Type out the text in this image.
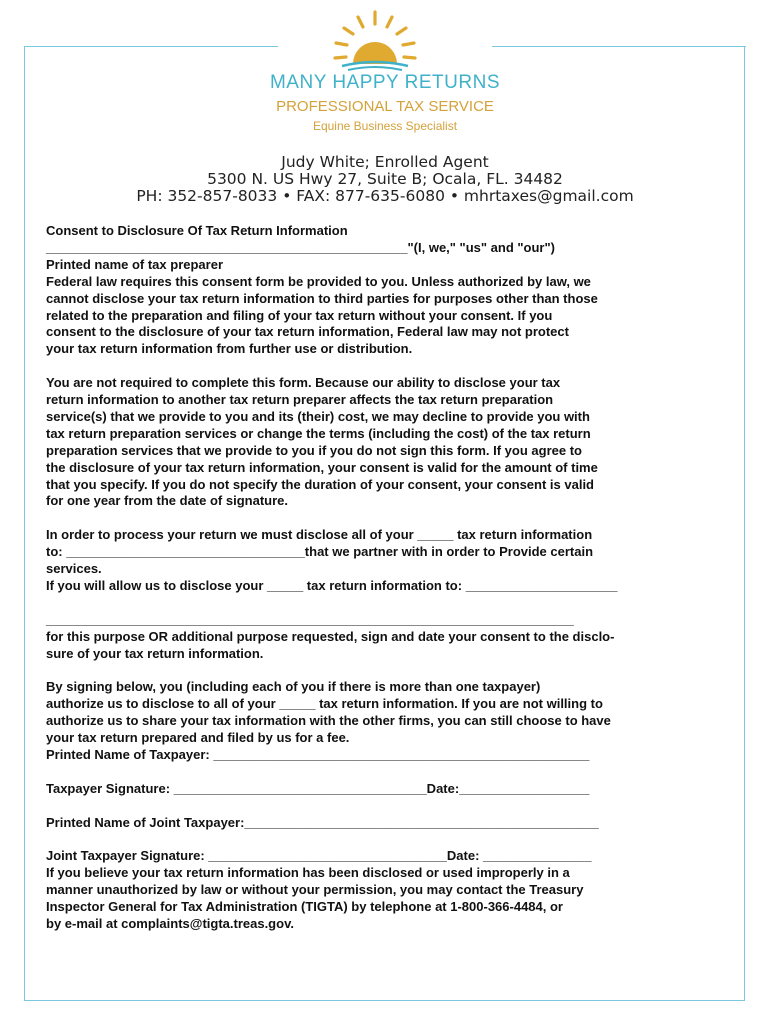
MANY HAPPY RETURNS
PROFESSIONAL TAX SERVICE
Equine Business Specialist
Judy White; Enrolled Agent
5300 N. US Hwy 27, Suite B; Ocala, FL. 34482
PH: 352-857-8033 • FAX: 877-635-6080 • mhrtaxes@gmail.com

Consent to Disclosure Of Tax Return Information

__________________________________________________"(I, we," "us" and "our")

Printed name of tax preparer

Federal law requires this consent form be provided to you. Unless authorized by law, we

cannot disclose your tax return information to third parties for purposes other than those

related to the preparation and filing of your tax return without your consent. If you

consent to the disclosure of your tax return information, Federal law may not protect

your tax return information from further use or distribution.

You are not required to complete this form. Because our ability to disclose your tax

return information to another tax return preparer affects the tax return preparation

service(s) that we provide to you and its (their) cost, we may decline to provide you with

tax return preparation services or change the terms (including the cost) of the tax return

preparation services that we provide to you if you do not sign this form. If you agree to

the disclosure of your tax return information, your consent is valid for the amount of time

that you specify. If you do not specify the duration of your consent, your consent is valid

for one year from the date of signature.

In order to process your return we must disclose all of your _____ tax return information

to: _________________________________that we partner with in order to Provide certain

services.

If you will allow us to disclose your _____ tax return information to: _____________________

_________________________________________________________________________

for this purpose OR additional purpose requested, sign and date your consent to the disclo-

sure of your tax return information.

By signing below, you (including each of you if there is more than one taxpayer)

authorize us to disclose to all of your _____ tax return information. If you are not willing to

authorize us to share your tax information with the other firms, you can still choose to have

your tax return prepared and filed by us for a fee.

Printed Name of Taxpayer: ____________________________________________________

Taxpayer Signature: ___________________________________Date:__________________

Printed Name of Joint Taxpayer:_________________________________________________

Joint Taxpayer Signature: _________________________________Date: _______________

If you believe your tax return information has been disclosed or used improperly in a

manner unauthorized by law or without your permission, you may contact the Treasury

Inspector General for Tax Administration (TIGTA) by telephone at 1-800-366-4484, or

by e-mail at complaints@tigta.treas.gov.
